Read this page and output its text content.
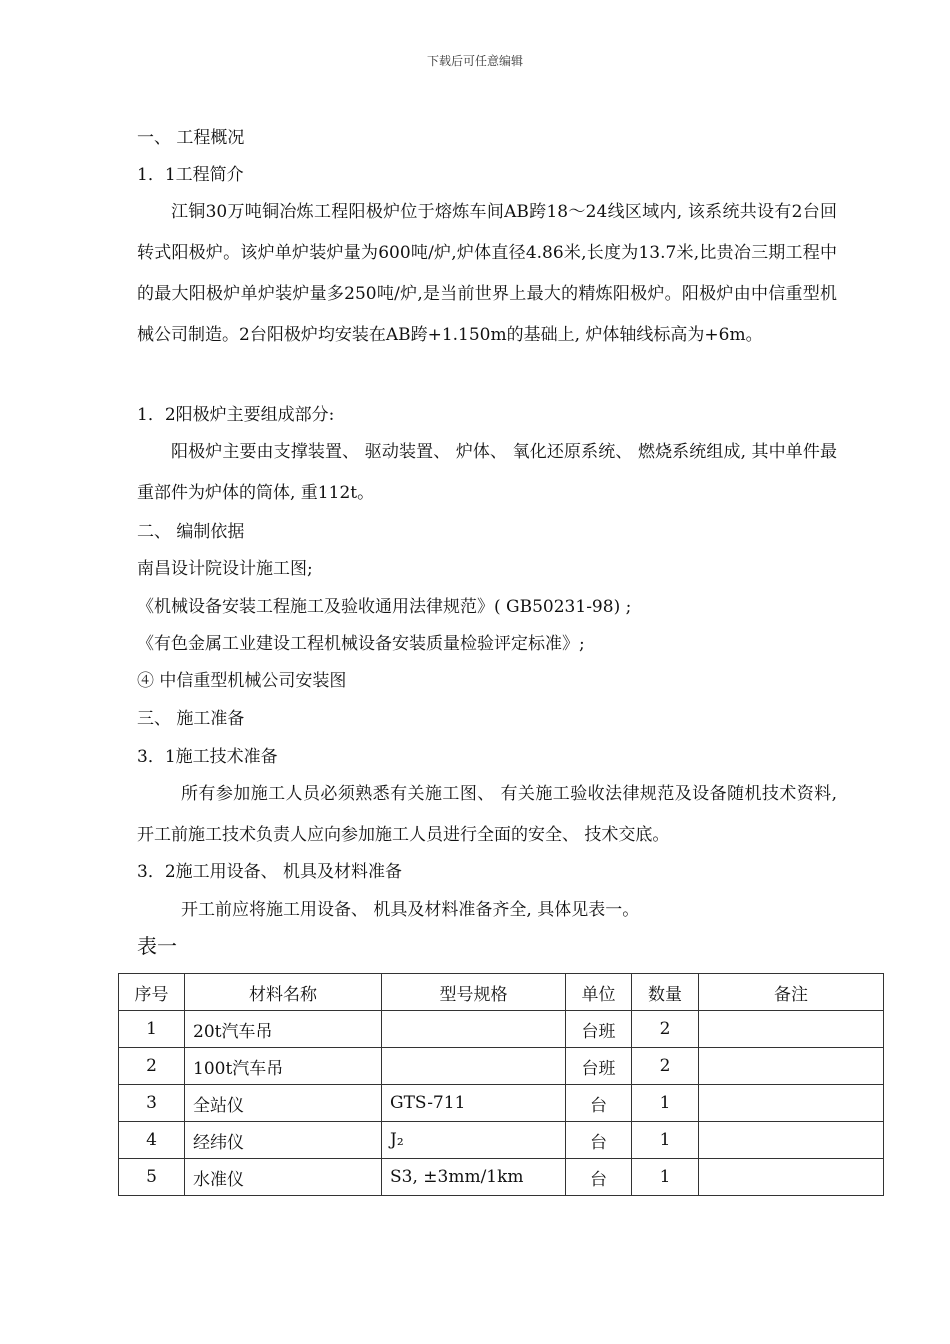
下载后可任意编辑
一、 工程概况
1．1工程简介
江铜30万吨铜冶炼工程阳极炉位于熔炼车间AB跨18～24线区域内, 该系统共设有2台回转式阳极炉。该炉单炉装炉量为600吨/炉,炉体直径4.86米,长度为13.7米,比贵冶三期工程中的最大阳极炉单炉装炉量多250吨/炉,是当前世界上最大的精炼阳极炉。阳极炉由中信重型机械公司制造。2台阳极炉均安装在AB跨+1.150m的基础上, 炉体轴线标高为+6m。
1．2阳极炉主要组成部分:
阳极炉主要由支撑装置、 驱动装置、 炉体、 氧化还原系统、 燃烧系统组成, 其中单件最重部件为炉体的筒体, 重112t。
二、 编制依据
南昌设计院设计施工图;
《机械设备安装工程施工及验收通用法律规范》( GB50231-98) ;
《有色金属工业建设工程机械设备安装质量检验评定标准》;
④ 中信重型机械公司安装图
三、 施工准备
3．1施工技术准备
所有参加施工人员必须熟悉有关施工图、 有关施工验收法律规范及设备随机技术资料, 开工前施工技术负责人应向参加施工人员进行全面的安全、 技术交底。
3．2施工用设备、 机具及材料准备
开工前应将施工用设备、 机具及材料准备齐全, 具体见表一。
表一
序号	材料名称	型号规格	单位	数量	备注
1	20t汽车吊		台班	2	
2	100t汽车吊		台班	2	
3	全站仪	GTS-711	台	1	
4	经纬仪	J₂	台	1	
5	水准仪	S3, ±3mm/1km	台	1	
